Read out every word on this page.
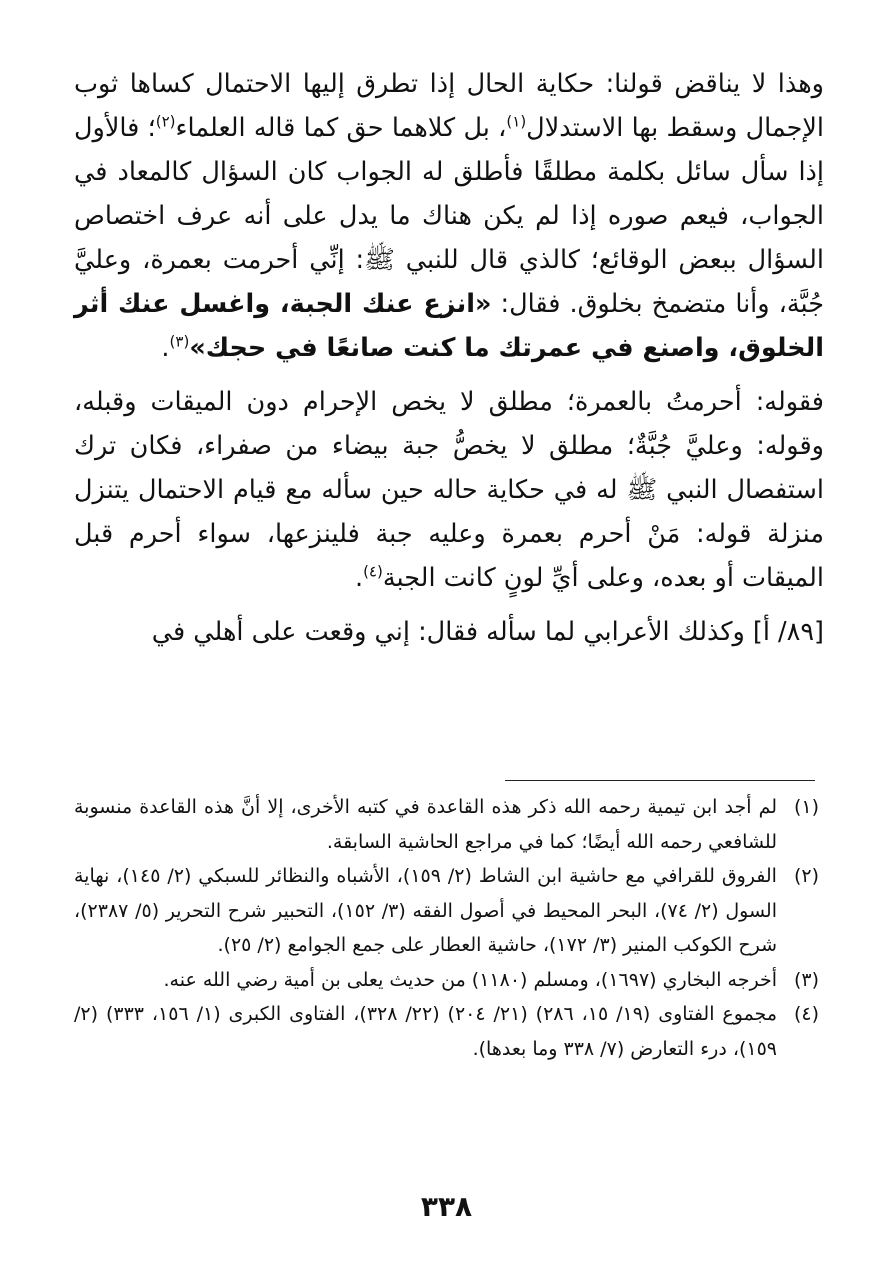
وهذا لا يناقض قولنا: حكاية الحال إذا تطرق إليها الاحتمال كساها ثوب الإجمال وسقط بها الاستدلال$^{(١)}$، بل كلاهما حق كما قاله العلماء$^{(٢)}$؛ فالأول إذا سأل سائل بكلمة مطلقًا فأطلق له الجواب كان السؤال كالمعاد في الجواب، فيعم صوره إذا لم يكن هناك ما يدل على أنه عرف اختصاص السؤال ببعض الوقائع؛ كالذي قال للنبي ﷺ: إنِّي أحرمت بعمرة، وعليَّ جُبَّة، وأنا متضمخ بخلوق. فقال: «انزع عنك الجبة، واغسل عنك أثر الخلوق، واصنع في عمرتك ما كنت صانعًا في حجك»$^{(٣)}$.

فقوله: أحرمتُ بالعمرة؛ مطلق لا يخص الإحرام دون الميقات وقبله، وقوله: وعليَّ جُبَّةٌ؛ مطلق لا يخصُّ جبة بيضاء من صفراء، فكان ترك استفصال النبي ﷺ له في حكاية حاله حين سأله مع قيام الاحتمال يتنزل منزلة قوله: مَنْ أحرم بعمرة وعليه جبة فلينزعها، سواء أحرم قبل الميقات أو بعده، وعلى أيِّ لونٍ كانت الجبة$^{(٤)}$.

[٨٩/ أ] وكذلك الأعرابي لما سأله فقال: إني وقعت على أهلي في

(١)
لم أجد ابن تيمية رحمه الله ذكر هذه القاعدة في كتبه الأخرى، إلا أنَّ هذه القاعدة منسوبة للشافعي رحمه الله أيضًا؛ كما في مراجع الحاشية السابقة.
(٢)
الفروق للقرافي مع حاشية ابن الشاط (٢/ ١٥٩)، الأشباه والنظائر للسبكي (٢/ ١٤٥)، نهاية السول (٢/ ٧٤)، البحر المحيط في أصول الفقه (٣/ ١٥٢)، التحبير شرح التحرير (٥/ ٢٣٨٧)، شرح الكوكب المنير (٣/ ١٧٢)، حاشية العطار على جمع الجوامع (٢/ ٢٥).
(٣)
أخرجه البخاري (١٦٩٧)، ومسلم (١١٨٠) من حديث يعلى بن أمية رضي الله عنه.
(٤)
مجموع الفتاوى (١٩/ ١٥، ٢٨٦) (٢١/ ٢٠٤) (٢٢/ ٣٢٨)، الفتاوى الكبرى (١/ ١٥٦، ٣٣٣) (٢/ ١٥٩)، درء التعارض (٧/ ٣٣٨ وما بعدها).
٣٣٨
